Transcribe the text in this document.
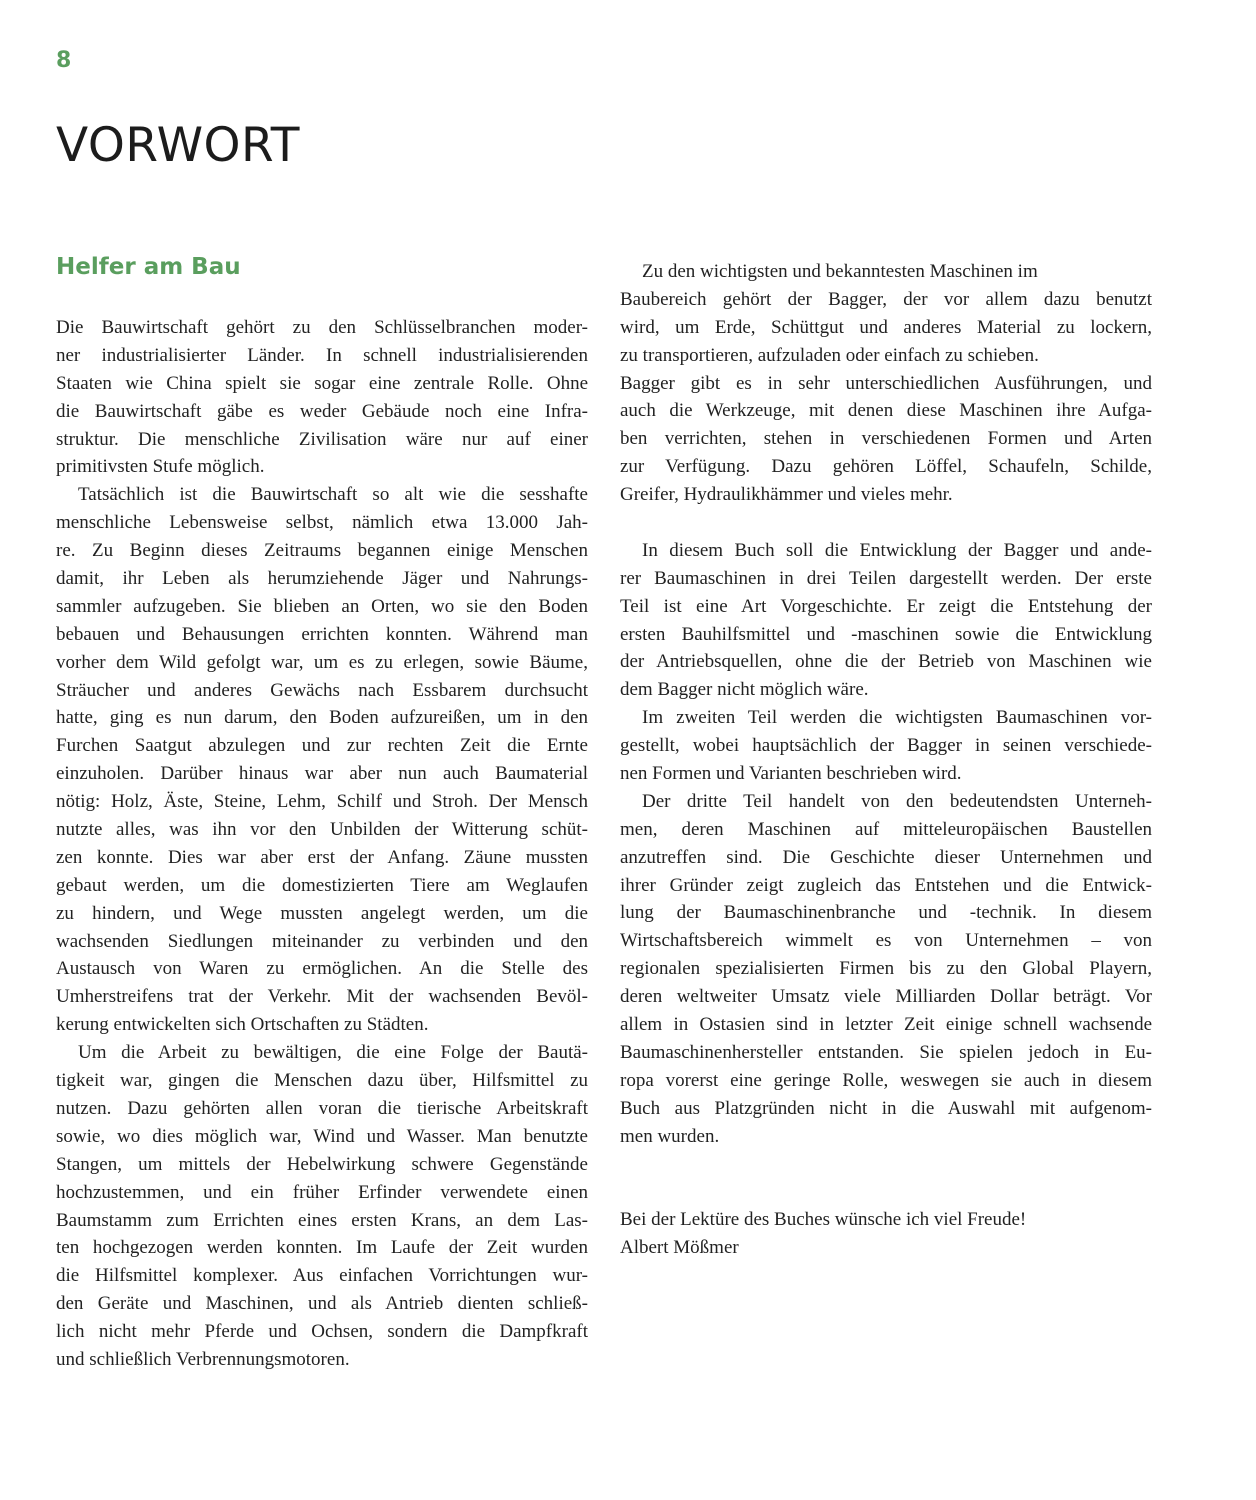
8
VORWORT
Helfer am Bau
Die Bauwirtschaft gehört zu den Schlüsselbranchen moder-
ner industrialisierter Länder. In schnell industrialisierenden
Staaten wie China spielt sie sogar eine zentrale Rolle. Ohne
die Bauwirtschaft gäbe es weder Gebäude noch eine Infra-
struktur. Die menschliche Zivilisation wäre nur auf einer
primitivsten Stufe möglich.
Tatsächlich ist die Bauwirtschaft so alt wie die sesshafte
menschliche Lebensweise selbst, nämlich etwa 13.000 Jah-
re. Zu Beginn dieses Zeitraums begannen einige Menschen
damit, ihr Leben als herumziehende Jäger und Nahrungs-
sammler aufzugeben. Sie blieben an Orten, wo sie den Boden
bebauen und Behausungen errichten konnten. Während man
vorher dem Wild gefolgt war, um es zu erlegen, sowie Bäume,
Sträucher und anderes Gewächs nach Essbarem durchsucht
hatte, ging es nun darum, den Boden aufzureißen, um in den
Furchen Saatgut abzulegen und zur rechten Zeit die Ernte
einzuholen. Darüber hinaus war aber nun auch Baumaterial
nötig: Holz, Äste, Steine, Lehm, Schilf und Stroh. Der Mensch
nutzte alles, was ihn vor den Unbilden der Witterung schüt-
zen konnte. Dies war aber erst der Anfang. Zäune mussten
gebaut werden, um die domestizierten Tiere am Weglaufen
zu hindern, und Wege mussten angelegt werden, um die
wachsenden Siedlungen miteinander zu verbinden und den
Austausch von Waren zu ermöglichen. An die Stelle des
Umherstreifens trat der Verkehr. Mit der wachsenden Bevöl-
kerung entwickelten sich Ortschaften zu Städten.
Um die Arbeit zu bewältigen, die eine Folge der Bautä-
tigkeit war, gingen die Menschen dazu über, Hilfsmittel zu
nutzen. Dazu gehörten allen voran die tierische Arbeitskraft
sowie, wo dies möglich war, Wind und Wasser. Man benutzte
Stangen, um mittels der Hebelwirkung schwere Gegenstände
hochzustemmen, und ein früher Erfinder verwendete einen
Baumstamm zum Errichten eines ersten Krans, an dem Las-
ten hochgezogen werden konnten. Im Laufe der Zeit wurden
die Hilfsmittel komplexer. Aus einfachen Vorrichtungen wur-
den Geräte und Maschinen, und als Antrieb dienten schließ-
lich nicht mehr Pferde und Ochsen, sondern die Dampfkraft
und schließlich Verbrennungsmotoren.
Zu den wichtigsten und bekanntesten Maschinen im
Baubereich gehört der Bagger, der vor allem dazu benutzt
wird, um Erde, Schüttgut und anderes Material zu lockern,
zu transportieren, aufzuladen oder einfach zu schieben.
Bagger gibt es in sehr unterschiedlichen Ausführungen, und
auch die Werkzeuge, mit denen diese Maschinen ihre Aufga-
ben verrichten, stehen in verschiedenen Formen und Arten
zur Verfügung. Dazu gehören Löffel, Schaufeln, Schilde,
Greifer, Hydraulikhämmer und vieles mehr.
In diesem Buch soll die Entwicklung der Bagger und ande-
rer Baumaschinen in drei Teilen dargestellt werden. Der erste
Teil ist eine Art Vorgeschichte. Er zeigt die Entstehung der
ersten Bauhilfsmittel und -maschinen sowie die Entwicklung
der Antriebsquellen, ohne die der Betrieb von Maschinen wie
dem Bagger nicht möglich wäre.
Im zweiten Teil werden die wichtigsten Baumaschinen vor-
gestellt, wobei hauptsächlich der Bagger in seinen verschiede-
nen Formen und Varianten beschrieben wird.
Der dritte Teil handelt von den bedeutendsten Unterneh-
men, deren Maschinen auf mitteleuropäischen Baustellen
anzutreffen sind. Die Geschichte dieser Unternehmen und
ihrer Gründer zeigt zugleich das Entstehen und die Entwick-
lung der Baumaschinenbranche und -technik. In diesem
Wirtschaftsbereich wimmelt es von Unternehmen – von
regionalen spezialisierten Firmen bis zu den Global Playern,
deren weltweiter Umsatz viele Milliarden Dollar beträgt. Vor
allem in Ostasien sind in letzter Zeit einige schnell wachsende
Baumaschinenhersteller entstanden. Sie spielen jedoch in Eu-
ropa vorerst eine geringe Rolle, weswegen sie auch in diesem
Buch aus Platzgründen nicht in die Auswahl mit aufgenom-
men wurden.
Bei der Lektüre des Buches wünsche ich viel Freude!
Albert Mößmer
